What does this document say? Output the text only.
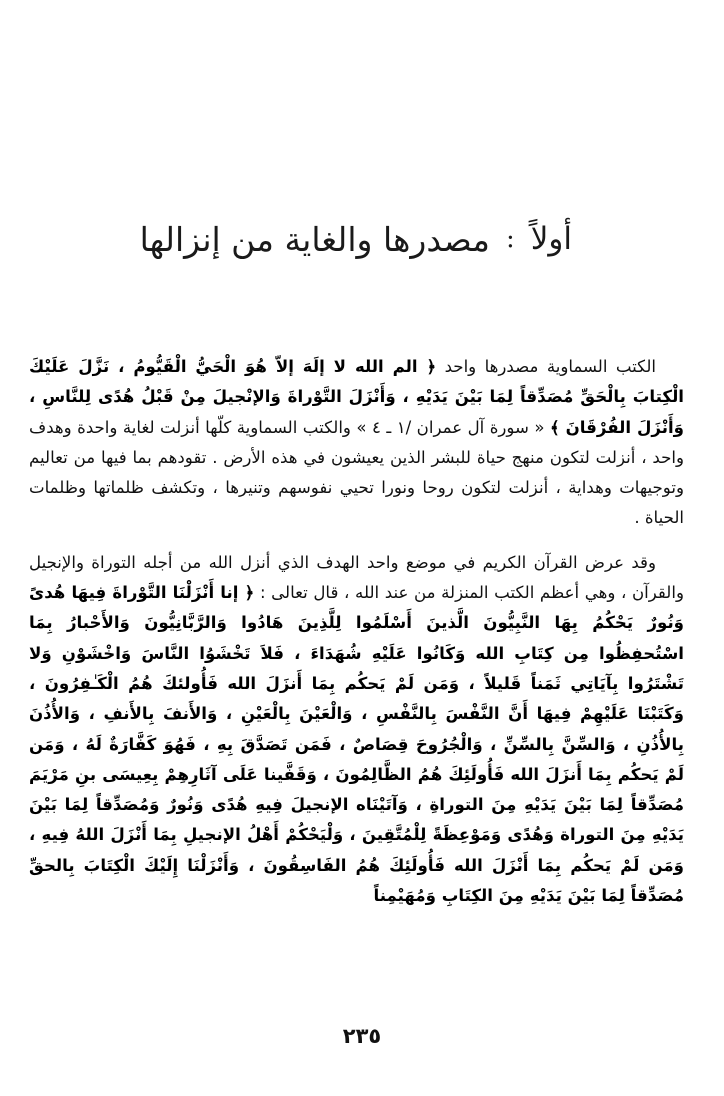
أولاً
:
مصدرها والغاية من إنزالها

الكتب السماوية مصدرها واحد ﴿ الم الله لا إلَهَ إلاّ هُوَ الْحَيُّ الْقَيُّومُ ، نَزَّلَ عَلَيْكَ الْكِتابَ بِالْحَقِّ مُصَدِّقاً لِمَا بَيْنَ يَدَيْهِ ، وَأَنْزَلَ التَّوْراةَ وَالإنْجيلَ مِنْ قَبْلُ هُدًى لِلنَّاسِ ، وَأَنْزَلَ الفُرْقَانَ ﴾ « سورة آل عمران /١ ـ ٤ » والكتب السماوية كلّها أنزلت لغاية واحدة وهدف واحد ، أنزلت لتكون منهج حياة للبشر الذين يعيشون في هذه الأرض . تقودهم بما فيها من تعاليم وتوجيهات وهداية ، أنزلت لتكون روحا ونورا تحيي نفوسهم وتنيرها ، وتكشف ظلماتها وظلمات الحياة .

وقد عرض القرآن الكريم في موضع واحد الهدف الذي أنزل الله من أجله التوراة والإنجيل والقرآن ، وهي أعظم الكتب المنزلة من عند الله ، قال تعالى : ﴿ إنا أَنْزَلْنَا التَّوْراةَ فِيهَا هُدىً وَنُورٌ يَحْكُمُ بِهَا النَّبِيُّونَ الَّذينَ أَسْلَمُوا لِلَّذِينَ هَادُوا وَالرَّبَّانِيُّونَ وَالأَحْبارُ بِمَا اسْتُحفِظُوا مِن كِتَابِ الله وَكَانُوا عَلَيْهِ شُهَدَاءَ ، فَلاَ تَخْشَوُا النَّاسَ وَاخْشَوْنِ وَلا تَشْتَرُوا بِآيَاتِي ثَمَناً قَليلاً ، وَمَن لَمْ يَحكُم بِمَا أَنزَلَ الله فَأُولئكَ هُمُ الْكَـٰفِرُونَ ، وَكَتَبْنَا عَلَيْهِمْ فِيهَا أَنَّ النَّفْسَ بِالنَّفْسِ ، وَالْعَيْنَ بِالْعَيْنِ ، وَالأَنفَ بِالأَنفِ ، وَالأُذُنَ بِالأُذُنِ ، وَالسِّنَّ بِالسِّنِّ ، وَالْجُرُوحَ قِصَاصٌ ، فَمَن تَصَدَّقَ بِهِ ، فَهُوَ كَفَّارَةٌ لَهُ ، وَمَن لَمْ يَحكُم بِمَا أَنزَلَ الله فَأُولَئِكَ هُمُ الظَّالِمُونَ ، وَقَفَّينا عَلَى آثَارِهِمْ بِعِيسَى بنِ مَرْيَمَ مُصَدِّقاً لِمَا بَيْنَ يَدَيْهِ مِنَ التوراةِ ، وَآتَيْنَاه الإنجيلَ فِيهِ هُدًى وَنُورٌ وَمُصَدِّقاً لِمَا بَيْنَ يَدَيْهِ مِنَ التوراة وَهُدًى وَمَوْعِظَةً لِلْمُتَّقِينَ ، وَلْيَحْكُمْ أَهْلُ الإنجيلِ بِمَا أَنْزَلَ اللهُ فِيهِ ، وَمَن لَمْ يَحكُم بِمَا أَنْزَلَ الله فَأُولَئِكَ هُمُ الفَاسِقُونَ ، وَأَنْزَلْنَا إِلَيْكَ الْكِتَابَ بِالحقِّ مُصَدِّقاً لِمَا بَيْنَ يَدَيْهِ مِنَ الكِتَابِ وَمُهَيْمِناً

٢٣٥
